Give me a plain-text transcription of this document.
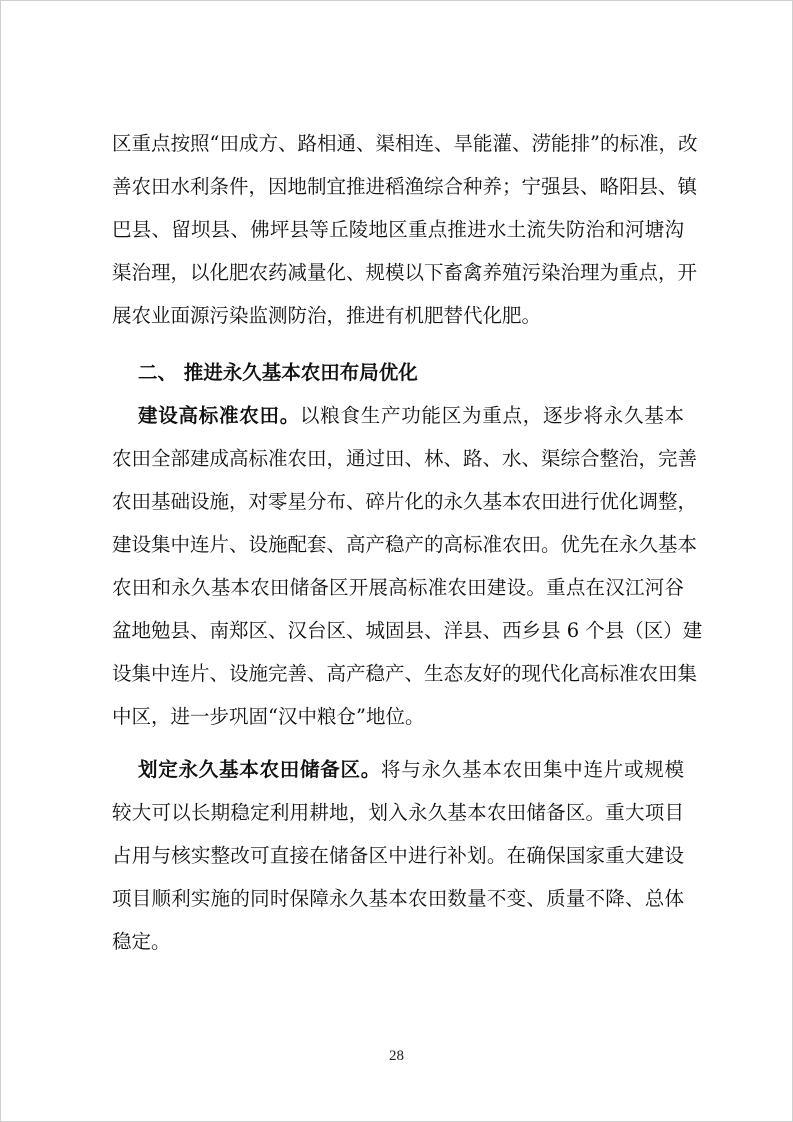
区重点按照“田成方、路相通、渠相连、旱能灌、涝能排”的标准，改
善农田水利条件，因地制宜推进稻渔综合种养；宁强县、略阳县、镇
巴县、留坝县、佛坪县等丘陵地区重点推进水土流失防治和河塘沟
渠治理，以化肥农药减量化、规模以下畜禽养殖污染治理为重点，开
展农业面源污染监测防治，推进有机肥替代化肥。
二、 推进永久基本农田布局优化
建设高标准农田。以粮食生产功能区为重点，逐步将永久基本
农田全部建成高标准农田，通过田、林、路、水、渠综合整治，完善
农田基础设施，对零星分布、碎片化的永久基本农田进行优化调整，
建设集中连片、设施配套、高产稳产的高标准农田。优先在永久基本
农田和永久基本农田储备区开展高标准农田建设。重点在汉江河谷
盆地勉县、南郑区、汉台区、城固县、洋县、西乡县 6 个县（区）建
设集中连片、设施完善、高产稳产、生态友好的现代化高标准农田集
中区，进一步巩固“汉中粮仓”地位。
划定永久基本农田储备区。将与永久基本农田集中连片或规模
较大可以长期稳定利用耕地，划入永久基本农田储备区。重大项目
占用与核实整改可直接在储备区中进行补划。在确保国家重大建设
项目顺利实施的同时保障永久基本农田数量不变、质量不降、总体
稳定。
28
